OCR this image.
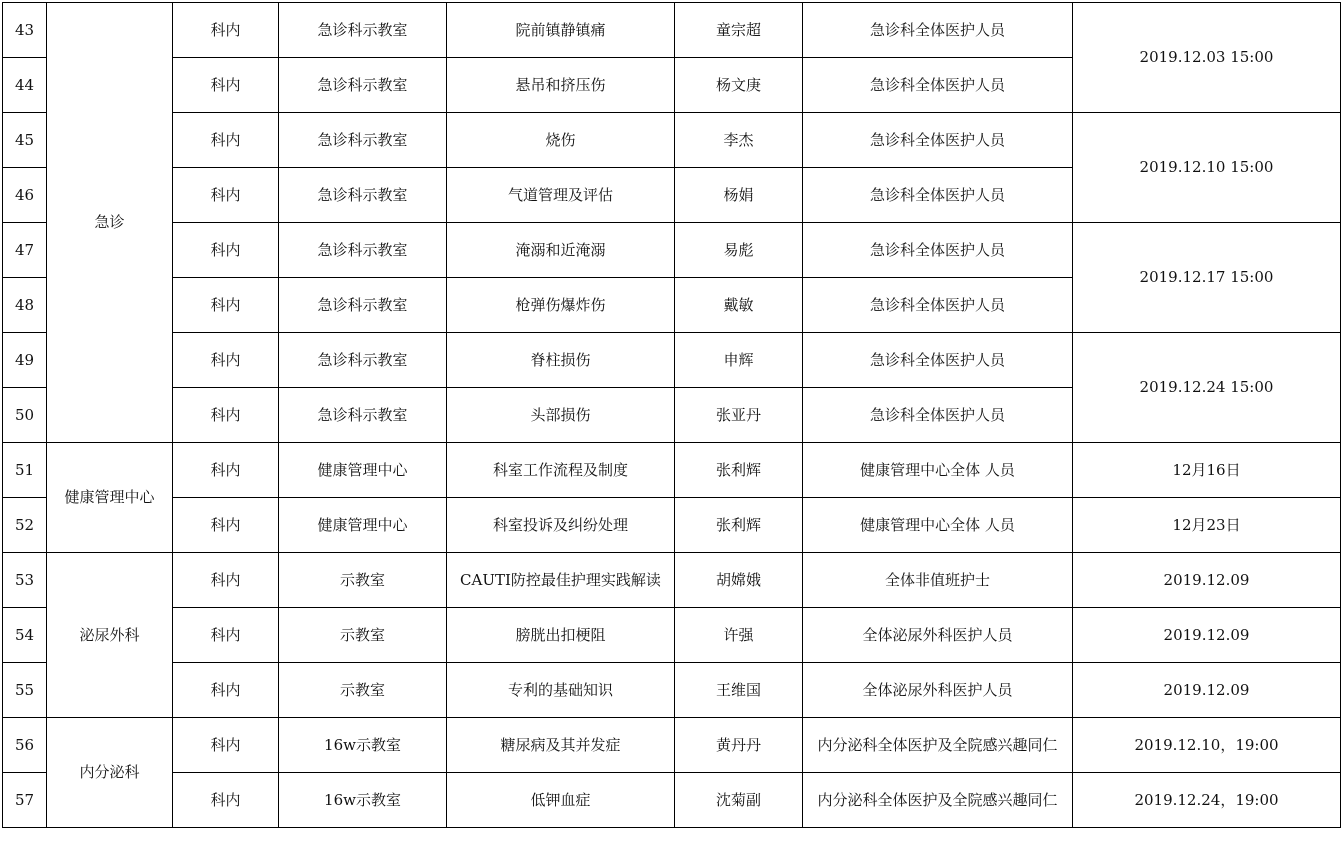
43	急诊	科内	急诊科示教室	院前镇静镇痛	童宗超	急诊科全体医护人员	2019.12.03 15:00
44		科内	急诊科示教室	悬吊和挤压伤	杨文庚	急诊科全体医护人员	
45		科内	急诊科示教室	烧伤	李杰	急诊科全体医护人员	2019.12.10 15:00
46		科内	急诊科示教室	气道管理及评估	杨娟	急诊科全体医护人员	
47		科内	急诊科示教室	淹溺和近淹溺	易彪	急诊科全体医护人员	2019.12.17 15:00
48		科内	急诊科示教室	枪弹伤爆炸伤	戴敏	急诊科全体医护人员	
49		科内	急诊科示教室	脊柱损伤	申辉	急诊科全体医护人员	2019.12.24 15:00
50		科内	急诊科示教室	头部损伤	张亚丹	急诊科全体医护人员	
51	健康管理中心	科内	健康管理中心	科室工作流程及制度	张利辉	健康管理中心全体 人员	12月16日
52		科内	健康管理中心	科室投诉及纠纷处理	张利辉	健康管理中心全体 人员	12月23日
53	泌尿外科	科内	示教室	CAUTI防控最佳护理实践解读	胡嫦娥	全体非值班护士	2019.12.09
54		科内	示教室	膀胱出扣梗阻	许强	全体泌尿外科医护人员	2019.12.09
55		科内	示教室	专利的基础知识	王维国	全体泌尿外科医护人员	2019.12.09
56	内分泌科	科内	16w示教室	糖尿病及其并发症	黄丹丹	内分泌科全体医护及全院感兴趣同仁	2019.12.10，19:00
57		科内	16w示教室	低钾血症	沈菊副	内分泌科全体医护及全院感兴趣同仁	2019.12.24，19:00
